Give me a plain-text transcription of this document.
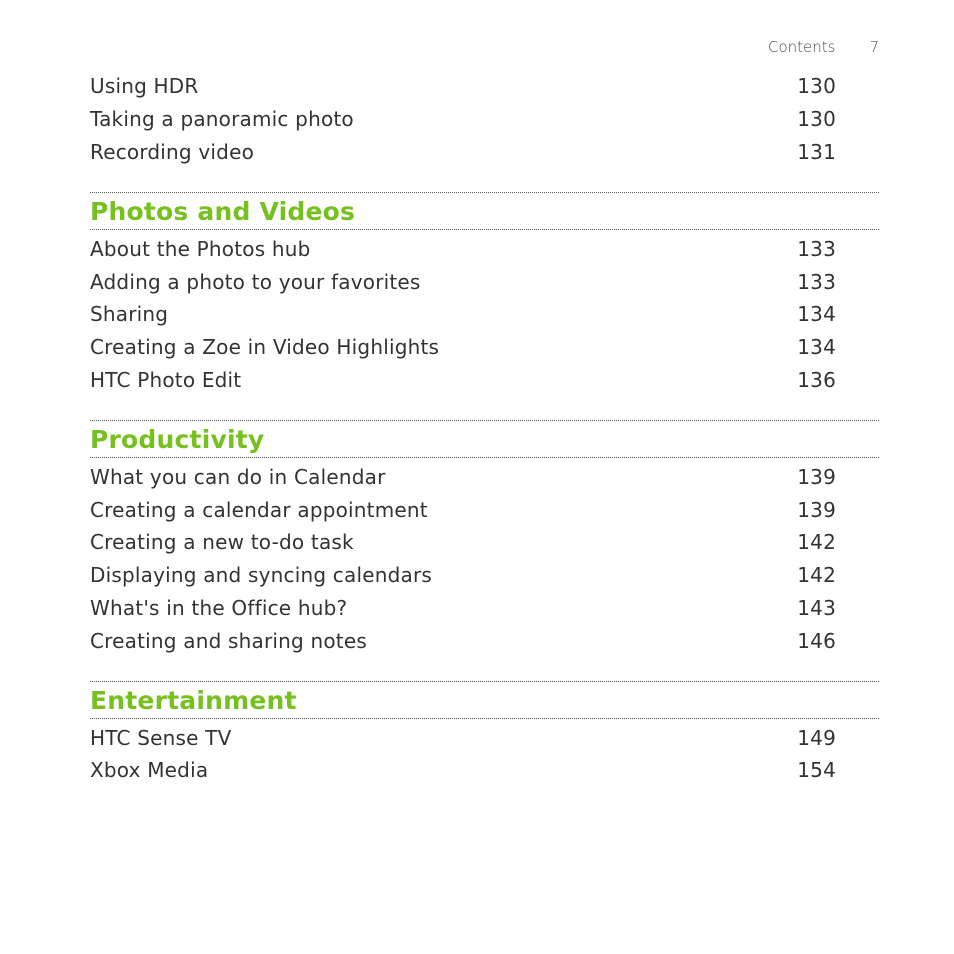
Contents 7
Using HDR	130
Taking a panoramic photo	130
Recording video	131
Photos and Videos
About the Photos hub	133
Adding a photo to your favorites	133
Sharing	134
Creating a Zoe in Video Highlights	134
HTC Photo Edit	136
Productivity
What you can do in Calendar	139
Creating a calendar appointment	139
Creating a new to-do task	142
Displaying and syncing calendars	142
What's in the Office hub?	143
Creating and sharing notes	146
Entertainment
HTC Sense TV	149
Xbox Media	154
